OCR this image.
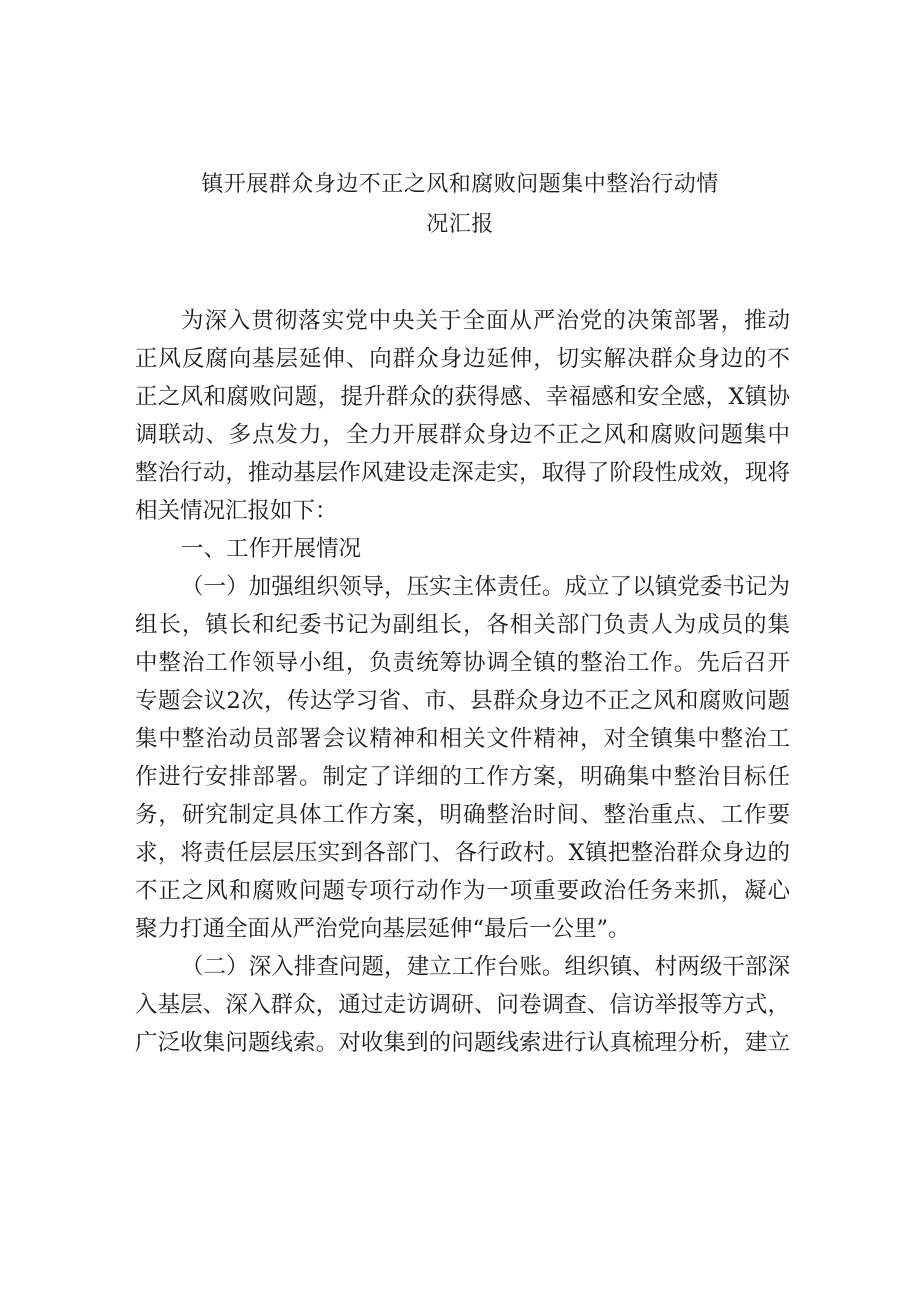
镇开展群众身边不正之风和腐败问题集中整治行动情
况汇报

为深入贯彻落实党中央关于全面从严治党的决策部署，推动

正风反腐向基层延伸、向群众身边延伸，切实解决群众身边的不

正之风和腐败问题，提升群众的获得感、幸福感和安全感，X镇协

调联动、多点发力，全力开展群众身边不正之风和腐败问题集中

整治行动，推动基层作风建设走深走实，取得了阶段性成效，现将

相关情况汇报如下：

一、工作开展情况

（一）加强组织领导，压实主体责任。成立了以镇党委书记为

组长，镇长和纪委书记为副组长，各相关部门负责人为成员的集

中整治工作领导小组，负责统筹协调全镇的整治工作。先后召开

专题会议2次，传达学习省、市、县群众身边不正之风和腐败问题

集中整治动员部署会议精神和相关文件精神，对全镇集中整治工

作进行安排部署。制定了详细的工作方案，明确集中整治目标任

务，研究制定具体工作方案，明确整治时间、整治重点、工作要

求，将责任层层压实到各部门、各行政村。X镇把整治群众身边的

不正之风和腐败问题专项行动作为一项重要政治任务来抓，凝心

聚力打通全面从严治党向基层延伸“最后一公里”。

（二）深入排查问题，建立工作台账。组织镇、村两级干部深

入基层、深入群众，通过走访调研、问卷调查、信访举报等方式，

广泛收集问题线索。对收集到的问题线索进行认真梳理分析，建立
